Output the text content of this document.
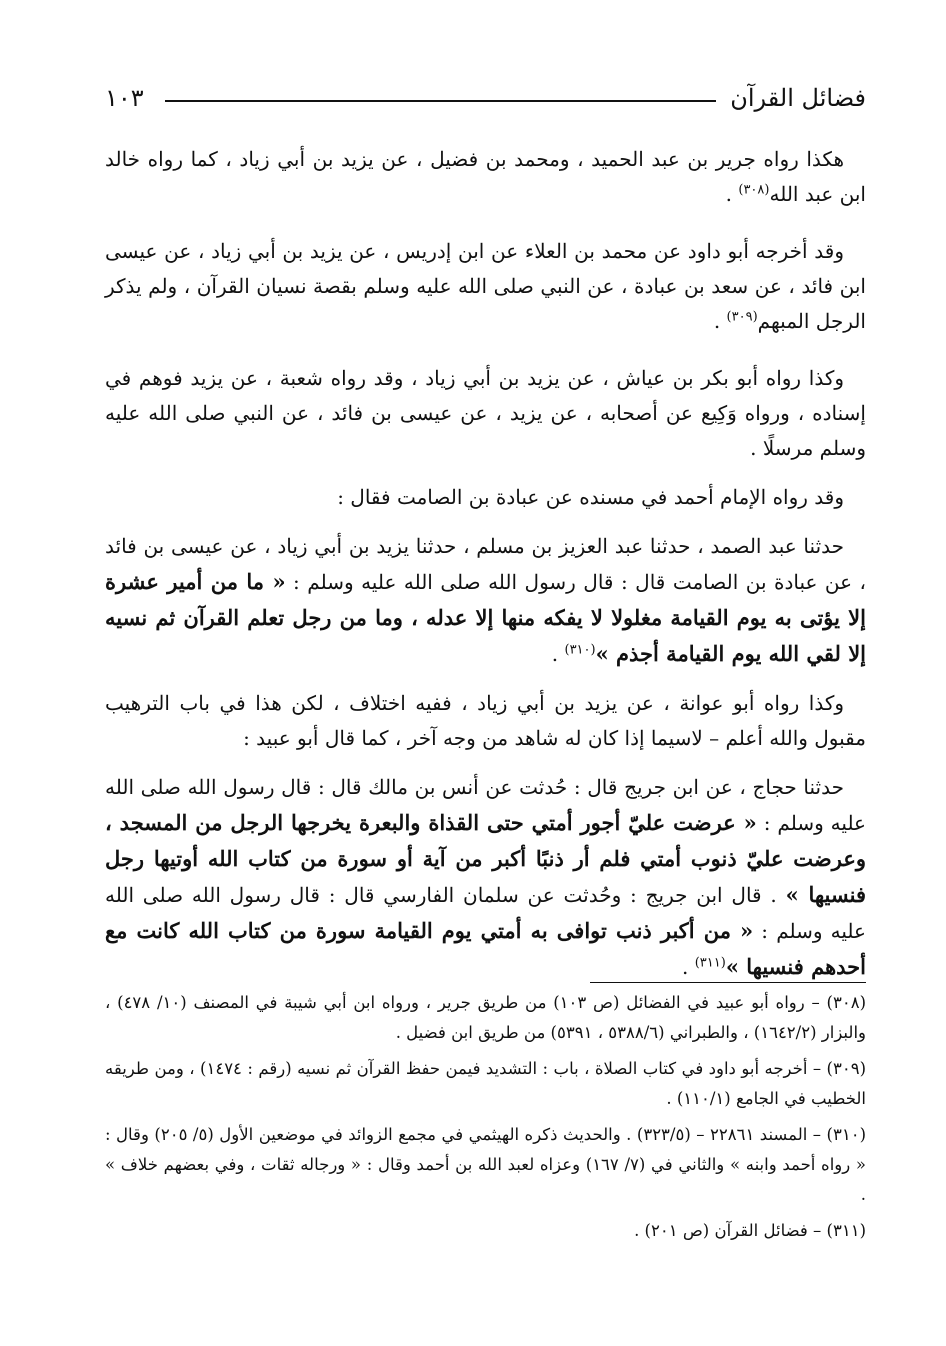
فضائل القرآن
١٠٣

هكذا رواه جرير بن عبد الحميد ، ومحمد بن فضيل ، عن يزيد بن أبي زياد ، كما رواه خالد ابن عبد الله$^{(٣٠٨)}$ .

وقد أخرجه أبو داود عن محمد بن العلاء عن ابن إدريس ، عن يزيد بن أبي زياد ، عن عيسى ابن فائد ، عن سعد بن عبادة ، عن النبي صلى الله عليه وسلم بقصة نسيان القرآن ، ولم يذكر الرجل المبهم$^{(٣٠٩)}$ .

وكذا رواه أبو بكر بن عياش ، عن يزيد بن أبي زياد ، وقد رواه شعبة ، عن يزيد فوهم في إسناده ، ورواه وَكِيع عن أصحابه ، عن يزيد ، عن عيسى بن فائد ، عن النبي صلى الله عليه وسلم مرسلًا .

وقد رواه الإمام أحمد في مسنده عن عبادة بن الصامت فقال :

حدثنا عبد الصمد ، حدثنا عبد العزيز بن مسلم ، حدثنا يزيد بن أبي زياد ، عن عيسى بن فائد ، عن عبادة بن الصامت قال : قال رسول الله صلى الله عليه وسلم : « ما من أمير عشرة إلا يؤتى به يوم القيامة مغلولا لا يفكه منها إلا عدله ، وما من رجل تعلم القرآن ثم نسيه إلا لقي الله يوم القيامة أجذم »$^{(٣١٠)}$ .

وكذا رواه أبو عوانة ، عن يزيد بن أبي زياد ، ففيه اختلاف ، لكن هذا في باب الترهيب مقبول والله أعلم – لاسيما إذا كان له شاهد من وجه آخر ، كما قال أبو عبيد :

حدثنا حجاج ، عن ابن جريج قال : حُدثت عن أنس بن مالك قال : قال رسول الله صلى الله عليه وسلم : « عرضت عليّ أجور أمتي حتى القذاة والبعرة يخرجها الرجل من المسجد ، وعرضت عليّ ذنوب أمتي فلم أر ذنبًا أكبر من آية أو سورة من كتاب الله أوتيها رجل فنسيها » . قال ابن جريج : وحُدثت عن سلمان الفارسي قال : قال رسول الله صلى الله عليه وسلم : « من أكبر ذنب توافى به أمتي يوم القيامة سورة من كتاب الله كانت مع أحدهم فنسيها »$^{(٣١١)}$ .

(٣٠٨) – رواه أبو عبيد في الفضائل (ص ١٠٣) من طريق جرير ، ورواه ابن أبي شيبة في المصنف (١٠/ ٤٧٨) ، والبزار (١٦٤٢/٢) ، والطبراني (٥٣٨٨/٦ ، ٥٣٩١) من طريق ابن فضيل .

(٣٠٩) – أخرجه أبو داود في كتاب الصلاة ، باب : التشديد فيمن حفظ القرآن ثم نسيه (رقم : ١٤٧٤) ، ومن طريقه الخطيب في الجامع (١١٠/١) .

(٣١٠) – المسند ٢٢٨٦١ – (٣٢٣/٥) . والحديث ذكره الهيثمي في مجمع الزوائد في موضعين الأول (٥/ ٢٠٥) وقال : « رواه أحمد وابنه » والثاني في (٧/ ١٦٧) وعزاه لعبد الله بن أحمد وقال : « ورجاله ثقات ، وفي بعضهم خلاف » .

(٣١١) – فضائل القرآن (ص ٢٠١) .
